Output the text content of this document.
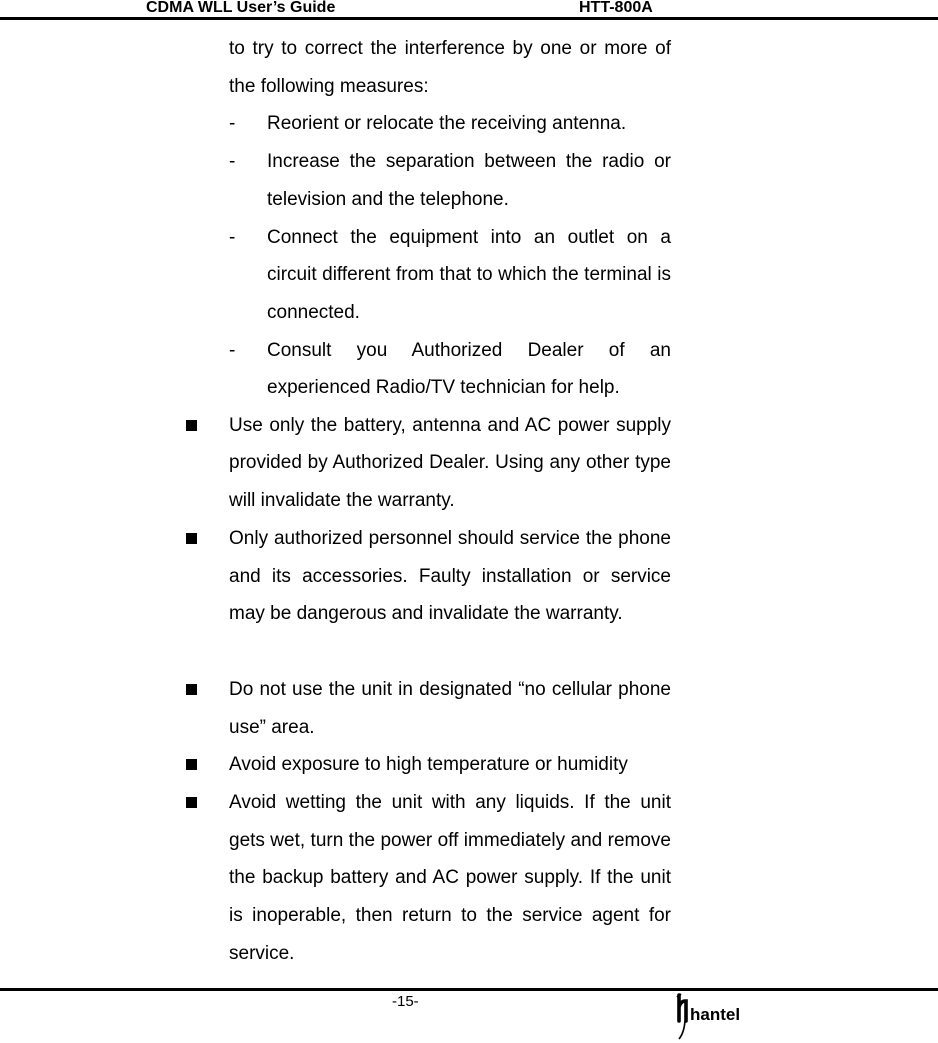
CDMA WLL User’s Guide	HTT-800A

to try to correct the interference by one or more of the following measures:

- Reorient or relocate the receiving antenna.
- Increase the separation between the radio or television and the telephone.
- Connect the equipment into an outlet on a circuit different from that to which the terminal is connected.
- Consult you Authorized Dealer of an experienced Radio/TV technician for help.
Use only the battery, antenna and AC power supply provided by Authorized Dealer. Using any other type will invalidate the warranty.
Only authorized personnel should service the phone and its accessories. Faulty installation or service may be dangerous and invalidate the warranty.
Do not use the unit in designated “no cellular phone use” area.
Avoid exposure to high temperature or humidity
Avoid wetting the unit with any liquids. If the unit gets wet, turn the power off immediately and remove the backup battery and AC power supply. If the unit is inoperable, then return to the service agent for service.
-15-
hantel
